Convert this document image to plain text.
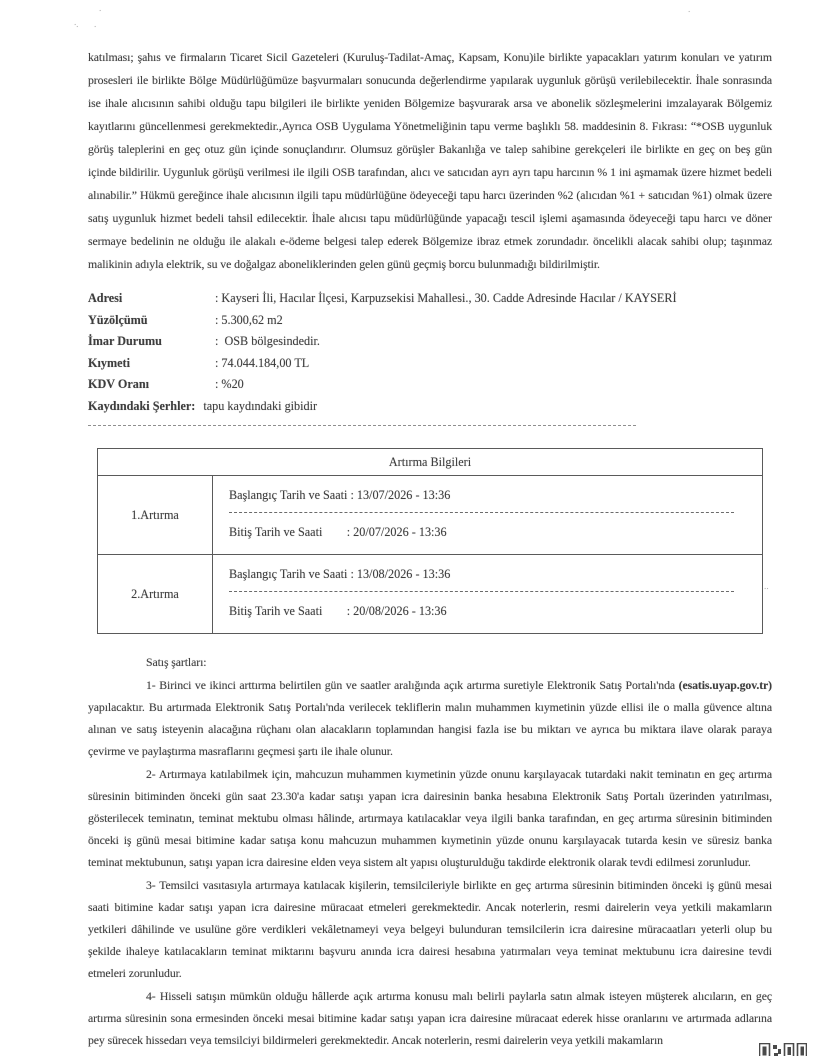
·
·. ·
·
··

katılması; şahıs ve firmaların Ticaret Sicil Gazeteleri (Kuruluş-Tadilat-Amaç, Kapsam, Konu)ile birlikte yapacakları yatırım konuları ve yatırım prosesleri ile birlikte Bölge Müdürlüğümüze başvurmaları sonucunda değerlendirme yapılarak uygunluk görüşü verilebilecektir. İhale sonrasında ise ihale alıcısının sahibi olduğu tapu bilgileri ile birlikte yeniden Bölgemize başvurarak arsa ve abonelik sözleşmelerini imzalayarak Bölgemiz kayıtlarını güncellenmesi gerekmektedir.,Ayrıca OSB Uygulama Yönetmeliğinin tapu verme başlıklı 58. maddesinin 8. Fıkrası: “*OSB uygunluk görüş taleplerini en geç otuz gün içinde sonuçlandırır. Olumsuz görüşler Bakanlığa ve talep sahibine gerekçeleri ile birlikte en geç on beş gün içinde bildirilir. Uygunluk görüşü verilmesi ile ilgili OSB tarafından, alıcı ve satıcıdan ayrı ayrı tapu harcının % 1 ini aşmamak üzere hizmet bedeli alınabilir.” Hükmü gereğince ihale alıcısının ilgili tapu müdürlüğüne ödeyeceği tapu harcı üzerinden %2 (alıcıdan %1 + satıcıdan %1) olmak üzere satış uygunluk hizmet bedeli tahsil edilecektir. İhale alıcısı tapu müdürlüğünde yapacağı tescil işlemi aşamasında ödeyeceği tapu harcı ve döner sermaye bedelinin ne olduğu ile alakalı e-ödeme belgesi talep ederek Bölgemize ibraz etmek zorundadır. öncelikli alacak sahibi olup; taşınmaz malikinin adıyla elektrik, su ve doğalgaz aboneliklerinden gelen günü geçmiş borcu bulunmadığı bildirilmiştir.

Adresi	: Kayseri İli, Hacılar İlçesi, Karpuzsekisi Mahallesi., 30. Cadde Adresinde Hacılar / KAYSERİ
Yüzölçümü	: 5.300,62 m2
İmar Durumu	:  OSB bölgesindedir.
Kıymeti	: 74.044.184,00 TL
KDV Oranı	: %20
Kaydındaki Şerhler: tapu kaydındaki gibidir
Artırma Bilgileri
1.Artırma
Başlangıç Tarih ve Saati : 13/07/2026 - 13:36
Bitiş Tarih ve Saati        : 20/07/2026 - 13:36
2.Artırma
Başlangıç Tarih ve Saati : 13/08/2026 - 13:36
Bitiş Tarih ve Saati        : 20/08/2026 - 13:36

Satış şartları:

1- Birinci ve ikinci arttırma belirtilen gün ve saatler aralığında açık artırma suretiyle Elektronik Satış Portalı'nda (esatis.uyap.gov.tr) yapılacaktır. Bu artırmada Elektronik Satış Portalı'nda verilecek tekliflerin malın muhammen kıymetinin yüzde ellisi ile o malla güvence altına alınan ve satış isteyenin alacağına rüçhanı olan alacakların toplamından hangisi fazla ise bu miktarı ve ayrıca bu miktara ilave olarak paraya çevirme ve paylaştırma masraflarını geçmesi şartı ile ihale olunur.

2- Artırmaya katılabilmek için, mahcuzun muhammen kıymetinin yüzde onunu karşılayacak tutardaki nakit teminatın en geç artırma süresinin bitiminden önceki gün saat 23.30'a kadar satışı yapan icra dairesinin banka hesabına Elektronik Satış Portalı üzerinden yatırılması, gösterilecek teminatın, teminat mektubu olması hâlinde, artırmaya katılacaklar veya ilgili banka tarafından, en geç artırma süresinin bitiminden önceki iş günü mesai bitimine kadar satışa konu mahcuzun muhammen kıymetinin yüzde onunu karşılayacak tutarda kesin ve süresiz banka teminat mektubunun, satışı yapan icra dairesine elden veya sistem alt yapısı oluşturulduğu takdirde elektronik olarak tevdi edilmesi zorunludur.

3- Temsilci vasıtasıyla artırmaya katılacak kişilerin, temsilcileriyle birlikte en geç artırma süresinin bitiminden önceki iş günü mesai saati bitimine kadar satışı yapan icra dairesine müracaat etmeleri gerekmektedir. Ancak noterlerin, resmi dairelerin veya yetkili makamların yetkileri dâhilinde ve usulüne göre verdikleri vekâletnameyi veya belgeyi bulunduran temsilcilerin icra dairesine müracaatları yeterli olup bu şekilde ihaleye katılacakların teminat miktarını başvuru anında icra dairesi hesabına yatırmaları veya teminat mektubunu icra dairesine tevdi etmeleri zorunludur.

4- Hisseli satışın mümkün olduğu hâllerde açık artırma konusu malı belirli paylarla satın almak isteyen müşterek alıcıların, en geç artırma süresinin sona ermesinden önceki mesai bitimine kadar satışı yapan icra dairesine müracaat ederek hisse oranlarını ve artırmada adlarına pey sürecek hissedarı veya temsilciyi bildirmeleri gerekmektedir. Ancak noterlerin, resmi dairelerin veya yetkili makamların
